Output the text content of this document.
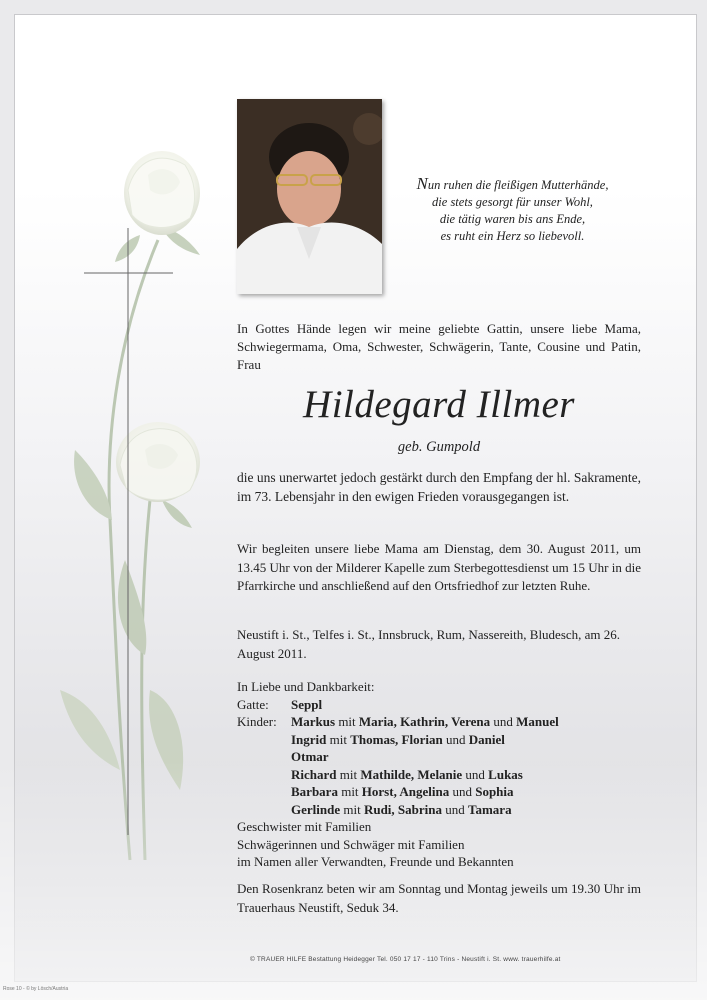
Nun ruhen die fleißigen Mutterhände,
die stets gesorgt für unser Wohl,
die tätig waren bis ans Ende,
es ruht ein Herz so liebevoll.
In Gottes Hände legen wir meine geliebte Gattin, unsere liebe Mama, Schwiegermama, Oma, Schwester, Schwägerin, Tante, Cousine und Patin, Frau
Hildegard Illmer
geb. Gumpold
die uns unerwartet jedoch gestärkt durch den Empfang der hl. Sakramente, im 73. Lebensjahr in den ewigen Frieden vorausgegangen ist.
Wir begleiten unsere liebe Mama am Dienstag, dem 30. August 2011, um 13.45 Uhr von der Milderer Kapelle zum Sterbegottesdienst um 15 Uhr in die Pfarrkirche und anschließend auf den Ortsfriedhof zur letzten Ruhe.
Neustift i. St., Telfes i. St., Innsbruck, Rum, Nassereith, Bludesch, am 26. August 2011.
In Liebe und Dankbarkeit:
Gatte: Seppl
Kinder: Markus mit Maria, Kathrin, Verena und Manuel
Ingrid mit Thomas, Florian und Daniel
Otmar
Richard mit Mathilde, Melanie und Lukas
Barbara mit Horst, Angelina und Sophia
Gerlinde mit Rudi, Sabrina und Tamara
Geschwister mit Familien
Schwägerinnen und Schwäger mit Familien
im Namen aller Verwandten, Freunde und Bekannten
Den Rosenkranz beten wir am Sonntag und Montag jeweils um 19.30 Uhr im Trauerhaus Neustift, Seduk 34.
© TRAUER HILFE Bestattung Heidegger Tel. 050 17 17 - 110 Trins - Neustift i. St. www. trauerhilfe.at
Rose 10 - © by Lösch/Austria
